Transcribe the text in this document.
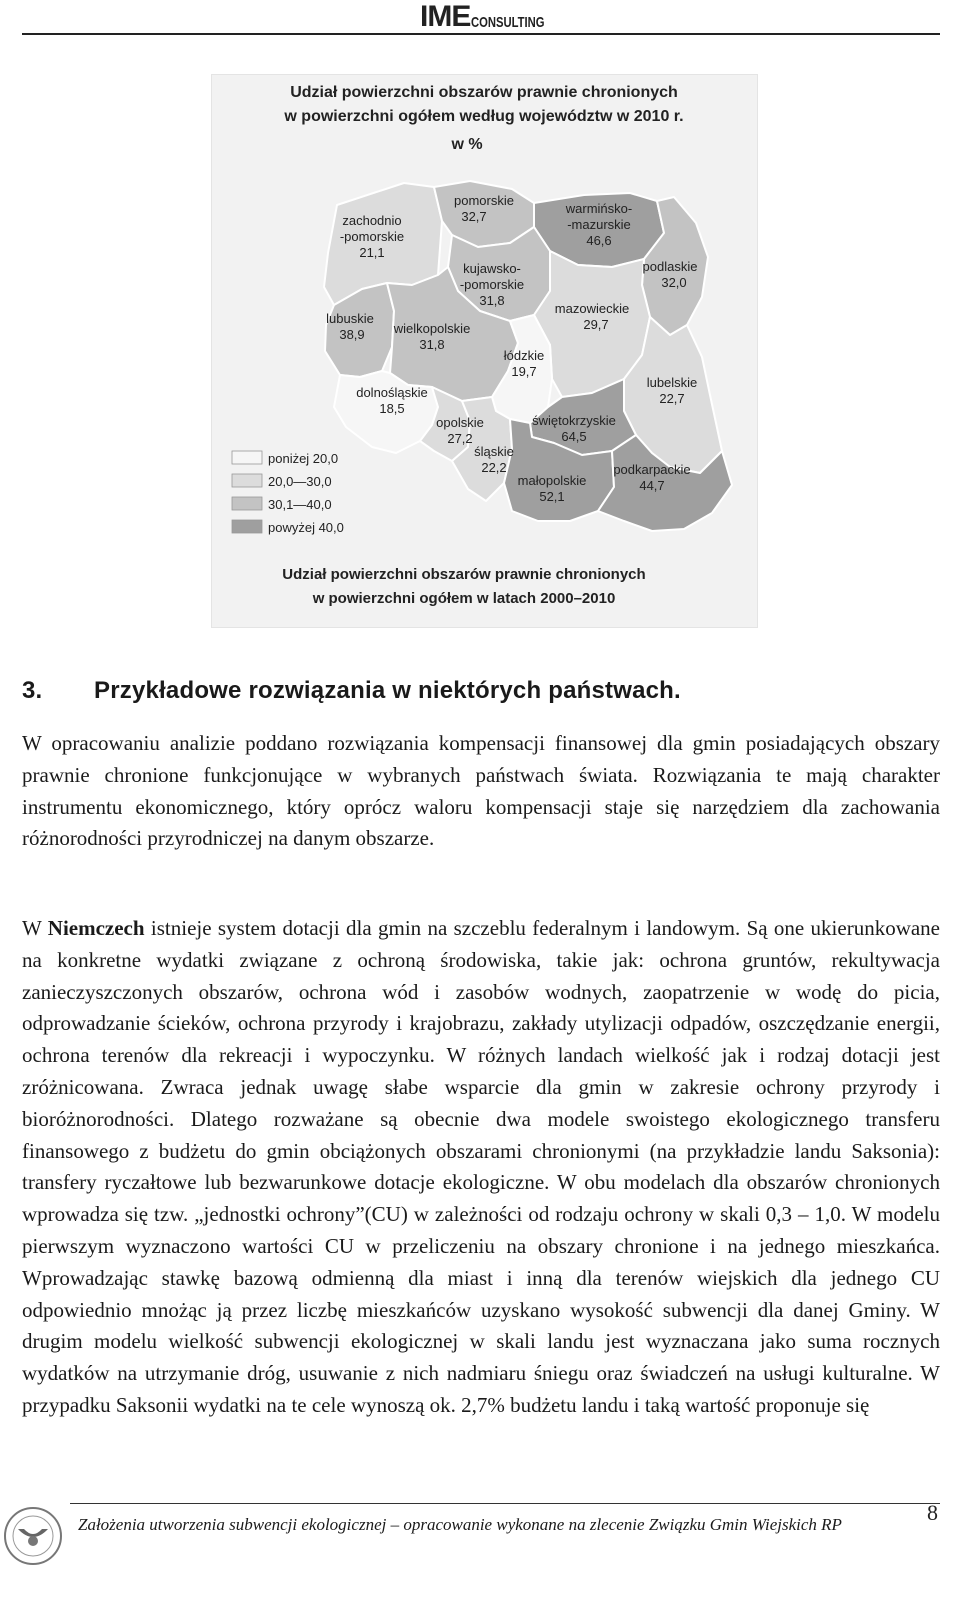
IME CONSULTING
Udział powierzchni obszarów prawnie chronionych
w powierzchni ogółem według województw w 2010 r.
w %
pomorskie 32,7
warmińsko--mazurskie 46,6
zachodnio -pomorskie 21,1
kujawsko--pomorskie 31,8
podlaskie 32,0
lubuskie 38,9
mazowieckie 29,7
wielkopolskie 31,8
łódzkie 19,7
lubelskie 22,7
dolnośląskie 18,5
opolskie 27,2
świętokrzyskie 64,5
śląskie 22,2	podkarpackie 44,7
małopolskie 52,1
poniżej 20,0
20,0—30,0
30,1—40,0
powyżej 40,0
Udział powierzchni obszarów prawnie chronionych
w powierzchni ogółem w latach 2000–2010
3.	Przykładowe rozwiązania w niektórych państwach.

W opracowaniu analizie poddano rozwiązania kompensacji finansowej dla gmin posiadających obszary prawnie chronione funkcjonujące w wybranych państwach świata. Rozwiązania te mają charakter instrumentu ekonomicznego, który oprócz waloru kompensacji staje się narzędziem dla zachowania różnorodności przyrodniczej na danym obszarze.

W Niemczech istnieje system dotacji dla gmin na szczeblu federalnym i landowym. Są one ukierunkowane na konkretne wydatki związane z ochroną środowiska, takie jak: ochrona gruntów, rekultywacja zanieczyszczonych obszarów, ochrona wód i zasobów wodnych, zaopatrzenie w wodę do picia, odprowadzanie ścieków, ochrona przyrody i krajobrazu, zakłady utylizacji odpadów, oszczędzanie energii, ochrona terenów dla rekreacji i wypoczynku. W różnych landach wielkość jak i rodzaj dotacji jest zróżnicowana. Zwraca jednak uwagę słabe wsparcie dla gmin w zakresie ochrony przyrody i bioróżnorodności. Dlatego rozważane są obecnie dwa modele swoistego ekologicznego transferu finansowego z budżetu do gmin obciążonych obszarami chronionymi (na przykładzie landu Saksonia): transfery ryczałtowe lub bezwarunkowe dotacje ekologiczne. W obu modelach dla obszarów chronionych wprowadza się tzw. „jednostki ochrony”(CU) w zależności od rodzaju ochrony w skali 0,3 – 1,0. W modelu pierwszym wyznaczono wartości CU w przeliczeniu na obszary chronione i na jednego mieszkańca. Wprowadzając stawkę bazową odmienną dla miast i inną dla terenów wiejskich dla jednego CU odpowiednio mnożąc ją przez liczbę mieszkańców uzyskano wysokość subwencji dla danej Gminy. W drugim modelu wielkość subwencji ekologicznej w skali landu jest wyznaczana jako suma rocznych wydatków na utrzymanie dróg, usuwanie z nich nadmiaru śniegu oraz świadczeń na usługi kulturalne. W przypadku Saksonii wydatki na te cele wynoszą ok. 2,7% budżetu landu i taką wartość proponuje się

Założenia utworzenia subwencji ekologicznej – opracowanie wykonane na zlecenie Związku Gmin Wiejskich RP	8
